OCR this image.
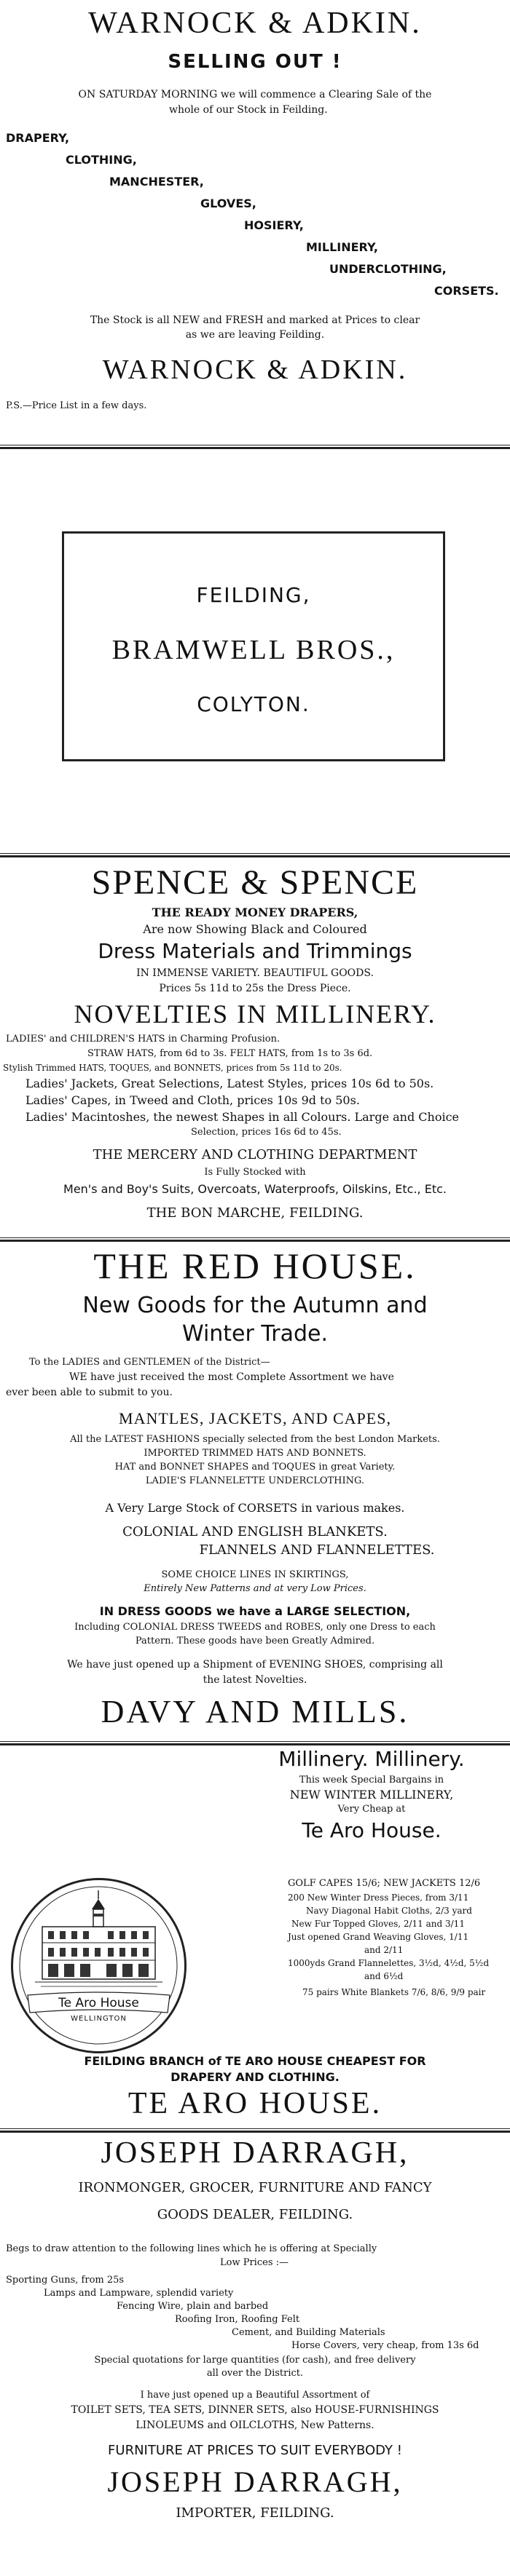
WARNOCK & ADKIN.
SELLING OUT !
ON SATURDAY MORNING we will commence a Clearing Sale of the
whole of our Stock in Feilding.
DRAPERY,
CLOTHING,
MANCHESTER,
GLOVES,
HOSIERY,
MILLINERY,
UNDERCLOTHING,
CORSETS.
The Stock is all NEW and FRESH and marked at Prices to clear
as we are leaving Feilding.
WARNOCK & ADKIN.
P.S.—Price List in a few days.
FEILDING,
BRAMWELL BROS.,
COLYTON.
SPENCE & SPENCE
THE READY MONEY DRAPERS,
Are now Showing Black and Coloured
Dress Materials and Trimmings
IN IMMENSE VARIETY. BEAUTIFUL GOODS.
Prices 5s 11d to 25s the Dress Piece.
NOVELTIES IN MILLINERY.
LADIES' and CHILDREN'S HATS in Charming Profusion.
STRAW HATS, from 6d to 3s. FELT HATS, from 1s to 3s 6d.
Stylish Trimmed HATS, TOQUES, and BONNETS, prices from 5s 11d to 20s.
Ladies' Jackets, Great Selections, Latest Styles, prices 10s 6d to 50s.
Ladies' Capes, in Tweed and Cloth, prices 10s 9d to 50s.
Ladies' Macintoshes, the newest Shapes in all Colours. Large and Choice
Selection, prices 16s 6d to 45s.
THE MERCERY AND CLOTHING DEPARTMENT
Is Fully Stocked with
Men's and Boy's Suits, Overcoats, Waterproofs, Oilskins, Etc., Etc.
THE BON MARCHE, FEILDING.
THE RED HOUSE.
New Goods for the Autumn and
Winter Trade.
To the LADIES and GENTLEMEN of the District—
WE have just received the most Complete Assortment we have
ever been able to submit to you.
MANTLES, JACKETS, AND CAPES,
All the LATEST FASHIONS specially selected from the best London Markets.
IMPORTED TRIMMED HATS AND BONNETS.
HAT and BONNET SHAPES and TOQUES in great Variety.
LADIE'S FLANNELETTE UNDERCLOTHING.
A Very Large Stock of CORSETS in various makes.
COLONIAL AND ENGLISH BLANKETS.
FLANNELS AND FLANNELETTES.
SOME CHOICE LINES IN SKIRTINGS,
Entirely New Patterns and at very Low Prices.
IN DRESS GOODS we have a LARGE SELECTION,
Including COLONIAL DRESS TWEEDS and ROBES, only one Dress to each
Pattern. These goods have been Greatly Admired.
We have just opened up a Shipment of EVENING SHOES, comprising all
the latest Novelties.
DAVY AND MILLS.
Millinery. Millinery.
This week Special Bargains in
NEW WINTER MILLINERY,
Very Cheap at
Te Aro House.
GOLF CAPES 15/6; NEW JACKETS 12/6
200 New Winter Dress Pieces, from 3/11
Navy Diagonal Habit Cloths, 2/3 yard
New Fur Topped Gloves, 2/11 and 3/11
Just opened Grand Weaving Gloves, 1/11
and 2/11
1000yds Grand Flannelettes, 3½d, 4½d, 5½d
and 6½d
75 pairs White Blankets 7/6, 8/6, 9/9 pair
Te Aro House
WELLINGTON
FEILDING BRANCH of TE ARO HOUSE CHEAPEST FOR
DRAPERY AND CLOTHING.
TE ARO HOUSE.
JOSEPH DARRAGH,
IRONMONGER, GROCER, FURNITURE AND FANCY
GOODS DEALER, FEILDING.
Begs to draw attention to the following lines which he is offering at Specially
Low Prices :—
Sporting Guns, from 25s
Lamps and Lampware, splendid variety
Fencing Wire, plain and barbed
Roofing Iron, Roofing Felt
Cement, and Building Materials
Horse Covers, very cheap, from 13s 6d
Special quotations for large quantities (for cash), and free delivery
all over the District.
I have just opened up a Beautiful Assortment of
TOILET SETS, TEA SETS, DINNER SETS, also HOUSE-FURNISHINGS
LINOLEUMS and OILCLOTHS, New Patterns.
FURNITURE AT PRICES TO SUIT EVERYBODY !
JOSEPH DARRAGH,
IMPORTER, FEILDING.
